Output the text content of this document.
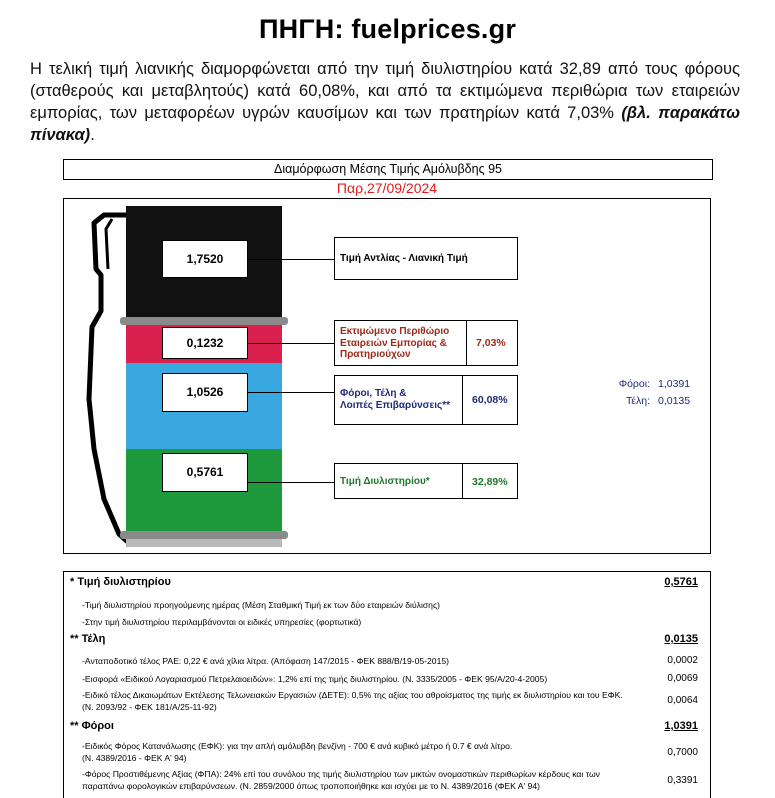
ΠΗΓΗ: fuelprices.gr
Η τελική τιμή λιανικής διαμορφώνεται από την τιμή διυλιστηρίου κατά 32,89 από τους φόρους (σταθερούς και μεταβλητούς) κατά 60,08%, και από τα εκτιμώμενα περιθώρια των εταιρειών εμπορίας, των μεταφορέων υγρών καυσίμων και των πρατηρίων κατά 7,03% (βλ. παρακάτω πίνακα).
Διαμόρφωση Μέσης Τιμής Αμόλυβδης 95
Παρ,27/09/2024
1,7520
0,1232
1,0526
0,5761
Τιμή Αντλίας - Λιανική Τιμή
Εκτιμώμενο Περιθώριο
Εταιρειών Εμπορίας &
Πρατηριούχων
7,03%
Φόροι, Τέλη &
Λοιπές Επιβαρύνσεις** 60,08%
Τιμή Διυλιστηρίου*	32,89%
Φόροι: 1,0391
Τέλη: 0,0135
* Τιμή διυλιστηρίου	0,5761
-Τιμή διυλιστηρίου προηγούμενης ημέρας (Μέση Σταθμική Τιμή εκ των δύο εταιρειών διύλισης)
-Στην τιμή διυλιστηρίου περιλαμβάνονται οι ειδικές υπηρεσίες (φορτωτικά)
** Τέλη	0,0135
-Ανταποδοτικό τέλος ΡΑΕ: 0,22 € ανά χίλια λίτρα. (Απόφαση 147/2015 - ΦΕΚ 888/Β/19-05-2015)	0,0002
-Εισφορά «Ειδικού Λογαριασμού Πετρελαιοειδών»: 1,2% επί της τιμής διυλιστηρίου. (Ν. 3335/2005 - ΦΕΚ 95/Α/20-4-2005)	0,0069
-Ειδικό τέλος Δικαιωμάτων Εκτέλεσης Τελωνειακών Εργασιών (ΔΕΤΕ): 0,5% της αξίας του αθροίσματος της τιμής εκ διυλιστηρίου και του ΕΦΚ.
(Ν. 2093/92 - ΦΕΚ 181/Α/25-11-92)
0,0064
** Φόροι	1,0391
-Ειδικός Φόρος Κατανάλωσης (ΕΦΚ): για την απλή αμόλυβδη βενζίνη - 700 € ανά κυβικό μέτρο ή 0.7 € ανά λίτρο.
(Ν. 4389/2016 - ΦΕΚ Α' 94)	0,7000
-Φόρος Προστιθέμενης Αξίας (ΦΠΑ): 24% επί του συνόλου της τιμής διυλιστηρίου των μικτών ονομαστικών περιθωρίων κέρδους και των
παραπάνω φορολογικών επιβαρύνσεων. (Ν. 2859/2000 όπως τροποποιήθηκε και ισχύει με το Ν. 4389/2016 (ΦΕΚ Α' 94)	0,3391
